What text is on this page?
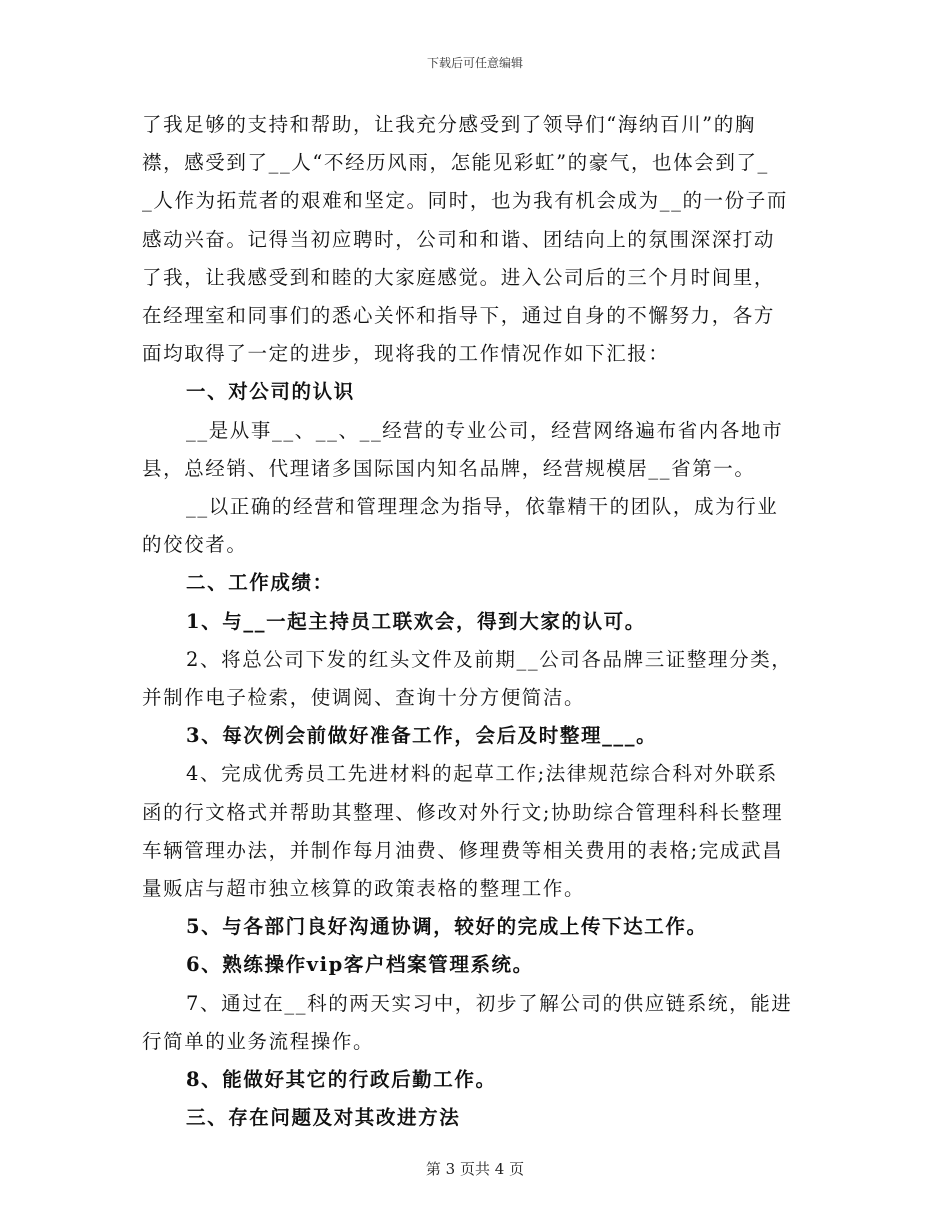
下载后可任意编辑
了我足够的支持和帮助，让我充分感受到了领导们“海纳百川”的胸
襟，感受到了__人“不经历风雨，怎能见彩虹”的豪气，也体会到了_
_人作为拓荒者的艰难和坚定。同时，也为我有机会成为__的一份子而
感动兴奋。记得当初应聘时，公司和和谐、团结向上的氛围深深打动
了我，让我感受到和睦的大家庭感觉。进入公司后的三个月时间里，
在经理室和同事们的悉心关怀和指导下，通过自身的不懈努力，各方
面均取得了一定的进步，现将我的工作情况作如下汇报：
一、对公司的认识
__是从事__、__、__经营的专业公司，经营网络遍布省内各地市
县，总经销、代理诸多国际国内知名品牌，经营规模居__省第一。
__以正确的经营和管理理念为指导，依靠精干的团队，成为行业
的佼佼者。
二、工作成绩：
1、与__一起主持员工联欢会，得到大家的认可。
2、将总公司下发的红头文件及前期__公司各品牌三证整理分类，
并制作电子检索，使调阅、查询十分方便简洁。
3、每次例会前做好准备工作，会后及时整理___。
4、完成优秀员工先进材料的起草工作;法律规范综合科对外联系
函的行文格式并帮助其整理、修改对外行文;协助综合管理科科长整理
车辆管理办法，并制作每月油费、修理费等相关费用的表格;完成武昌
量贩店与超市独立核算的政策表格的整理工作。
5、与各部门良好沟通协调，较好的完成上传下达工作。
6、熟练操作vip客户档案管理系统。
7、通过在__科的两天实习中，初步了解公司的供应链系统，能进
行简单的业务流程操作。
8、能做好其它的行政后勤工作。
三、存在问题及对其改进方法
第 3 页共 4 页
